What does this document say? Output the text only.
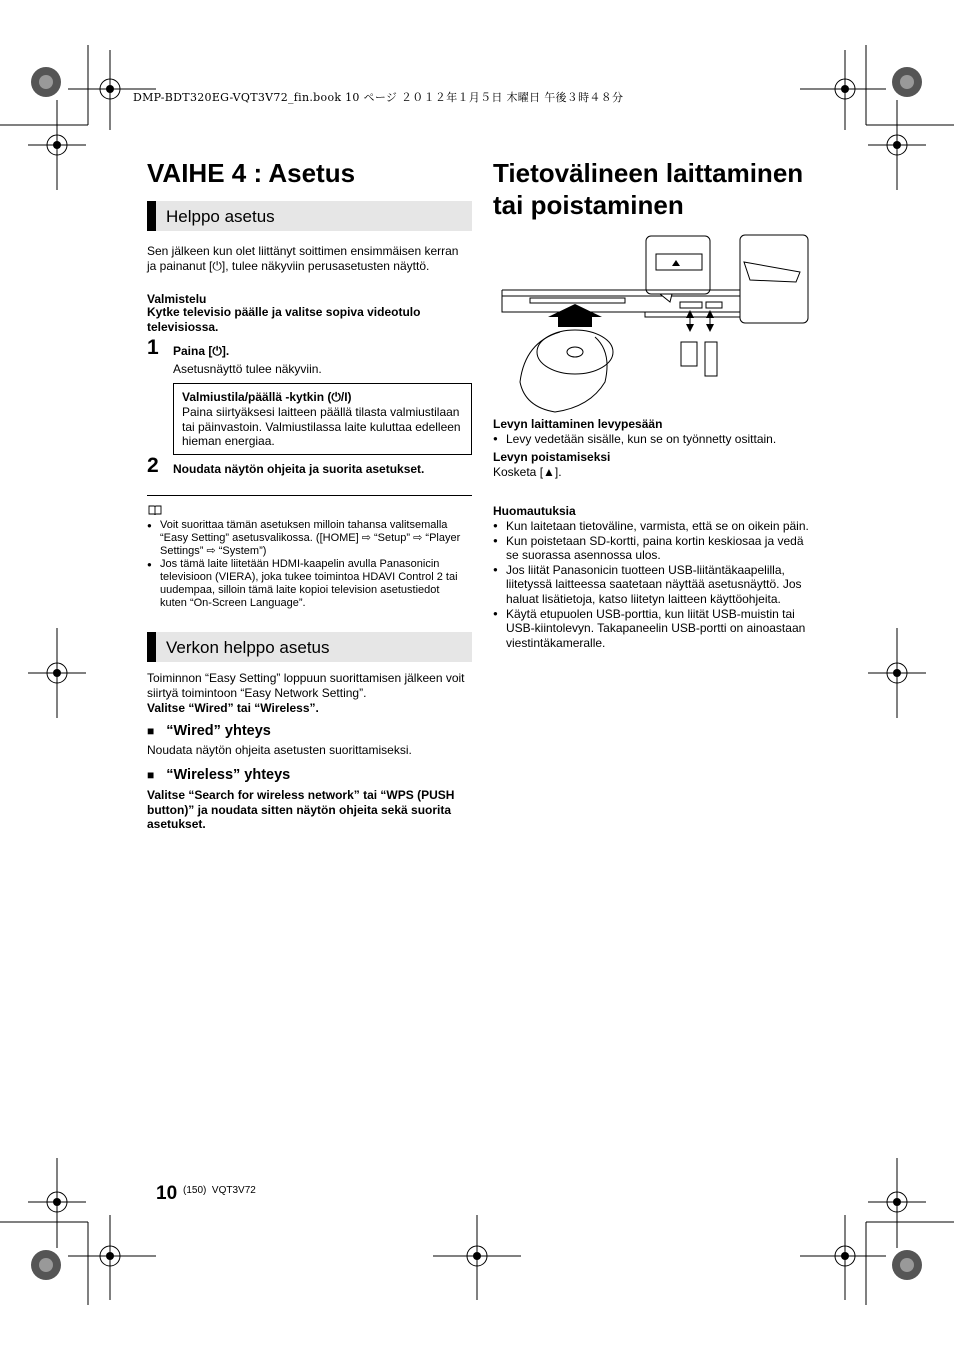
DMP-BDT320EG-VQT3V72_fin.book 10 ページ ２０１２年１月５日 木曜日 午後３時４８分
VAIHE 4 : Asetus
Helppo asetus
Sen jälkeen kun olet liittänyt soittimen ensimmäisen kerran ja painanut [⏻], tulee näkyviin perusasetusten näyttö.
Valmistelu
Kytke televisio päälle ja valitse sopiva videotulo televisiossa.
1 Paina [⏻].
Asetusnäyttö tulee näkyviin.
Valmiustila/päällä -kytkin (⏻/I)
Paina siirtyäksesi laitteen päällä tilasta valmiustilaan tai päinvastoin. Valmiustilassa laite kuluttaa edelleen hieman energiaa.
2 Noudata näytön ohjeita ja suorita asetukset.
● Voit suorittaa tämän asetuksen milloin tahansa valitsemalla “Easy Setting” asetusvalikossa. ([HOME] ⇨ “Setup” ⇨ “Player Settings” ⇨ “System”)
● Jos tämä laite liitetään HDMI-kaapelin avulla Panasonicin televisioon (VIERA), joka tukee toimintoa HDAVI Control 2 tai uudempaa, silloin tämä laite kopioi television asetustiedot kuten “On-Screen Language”.
Verkon helppo asetus
Toiminnon “Easy Setting” loppuun suorittamisen jälkeen voit siirtyä toimintoon “Easy Network Setting”.
Valitse “Wired” tai “Wireless”.
■ “Wired” yhteys
Noudata näytön ohjeita asetusten suorittamiseksi.
■ “Wireless” yhteys
Valitse “Search for wireless network” tai “WPS (PUSH button)” ja noudata sitten näytön ohjeita sekä suorita asetukset.
Tietovälineen laittaminen
tai poistaminen
Levyn laittaminen levypesään
● Levy vedetään sisälle, kun se on työnnetty osittain.
Levyn poistamiseksi
Kosketa [▲].
Huomautuksia
● Kun laitetaan tietoväline, varmista, että se on oikein päin.
● Kun poistetaan SD-kortti, paina kortin keskiosaa ja vedä se suorassa asennossa ulos.
● Jos liität Panasonicin tuotteen USB-liitäntäkaapelilla, liitetyssä laitteessa saatetaan näyttää asetusnäyttö. Jos haluat lisätietoja, katso liitetyn laitteen käyttöohjeita.
● Käytä etupuolen USB-porttia, kun liität USB-muistin tai USB-kiintolevyn. Takapaneelin USB-portti on ainoastaan viestintäkameralle.
10 (150)  VQT3V72
